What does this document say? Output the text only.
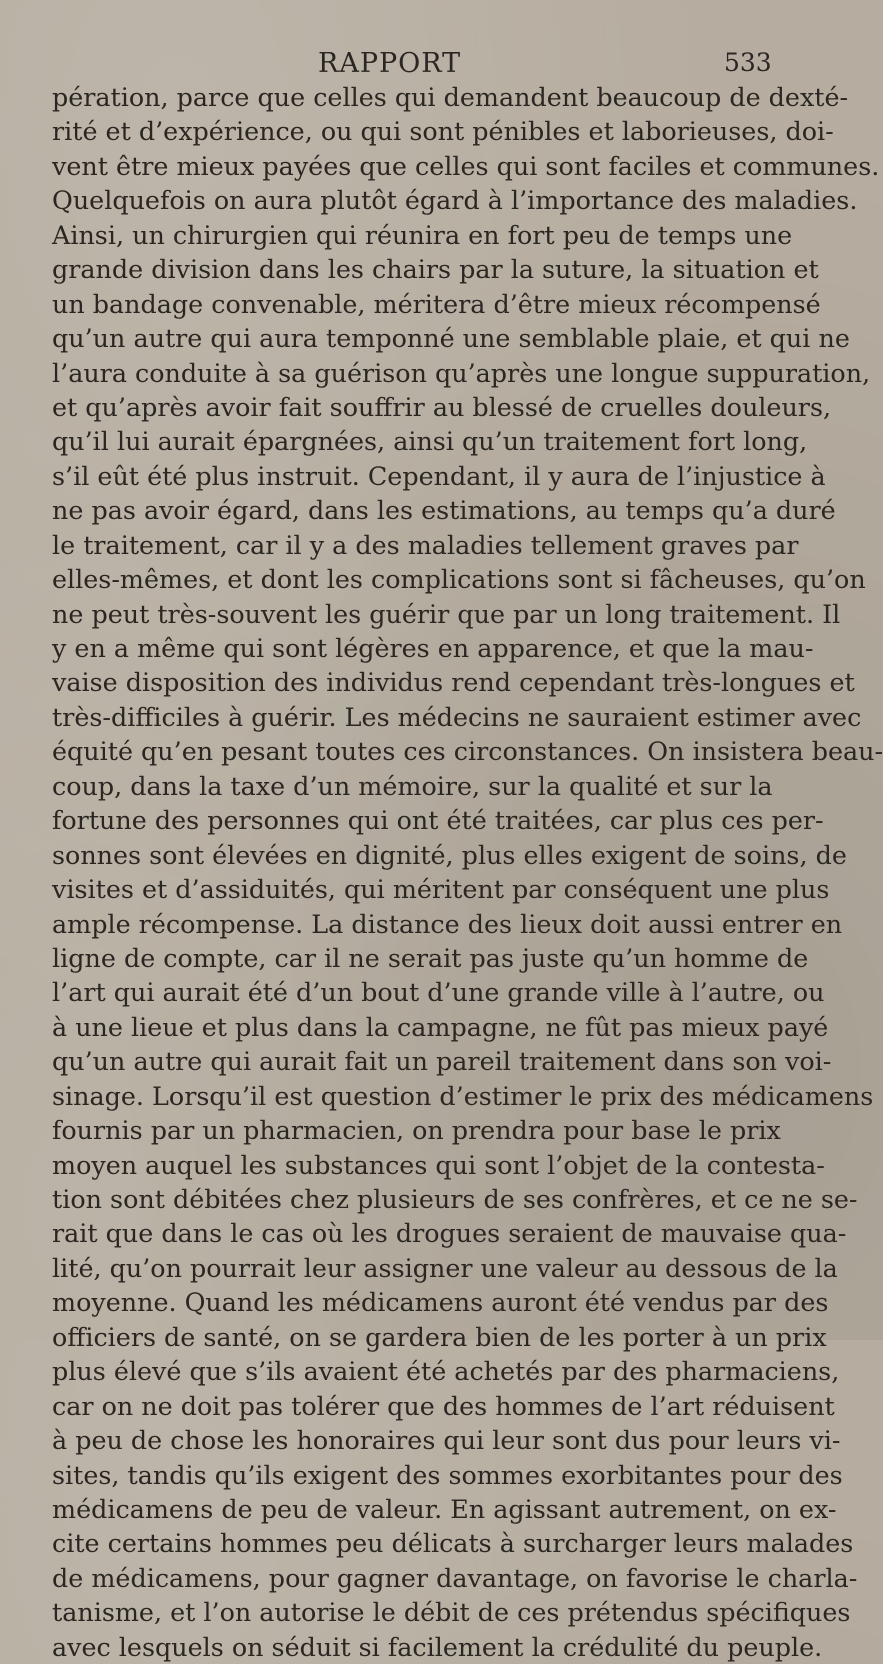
RAPPORT	533
pération, parce que celles qui demandent beaucoup de dexté-
rité et d’expérience, ou qui sont pénibles et laborieuses, doi-
vent être mieux payées que celles qui sont faciles et communes.
Quelquefois on aura plutôt égard à l’importance des maladies.
Ainsi, un chirurgien qui réunira en fort peu de temps une
grande division dans les chairs par la suture, la situation et
un bandage convenable, méritera d’être mieux récompensé
qu’un autre qui aura temponné une semblable plaie, et qui ne
l’aura conduite à sa guérison qu’après une longue suppuration,
et qu’après avoir fait souffrir au blessé de cruelles douleurs,
qu’il lui aurait épargnées, ainsi qu’un traitement fort long,
s’il eût été plus instruit. Cependant, il y aura de l’injustice à
ne pas avoir égard, dans les estimations, au temps qu’a duré
le traitement, car il y a des maladies tellement graves par
elles-mêmes, et dont les complications sont si fâcheuses, qu’on
ne peut très-souvent les guérir que par un long traitement. Il
y en a même qui sont légères en apparence, et que la mau-
vaise disposition des individus rend cependant très-longues et
très-difficiles à guérir. Les médecins ne sauraient estimer avec
équité qu’en pesant toutes ces circonstances. On insistera beau-
coup, dans la taxe d’un mémoire, sur la qualité et sur la
fortune des personnes qui ont été traitées, car plus ces per-
sonnes sont élevées en dignité, plus elles exigent de soins, de
visites et d’assiduités, qui méritent par conséquent une plus
ample récompense. La distance des lieux doit aussi entrer en
ligne de compte, car il ne serait pas juste qu’un homme de
l’art qui aurait été d’un bout d’une grande ville à l’autre, ou
à une lieue et plus dans la campagne, ne fût pas mieux payé
qu’un autre qui aurait fait un pareil traitement dans son voi-
sinage. Lorsqu’il est question d’estimer le prix des médicamens
fournis par un pharmacien, on prendra pour base le prix
moyen auquel les substances qui sont l’objet de la contesta-
tion sont débitées chez plusieurs de ses confrères, et ce ne se-
rait que dans le cas où les drogues seraient de mauvaise qua-
lité, qu’on pourrait leur assigner une valeur au dessous de la
moyenne. Quand les médicamens auront été vendus par des
officiers de santé, on se gardera bien de les porter à un prix
plus élevé que s’ils avaient été achetés par des pharmaciens,
car on ne doit pas tolérer que des hommes de l’art réduisent
à peu de chose les honoraires qui leur sont dus pour leurs vi-
sites, tandis qu’ils exigent des sommes exorbitantes pour des
médicamens de peu de valeur. En agissant autrement, on ex-
cite certains hommes peu délicats à surcharger leurs malades
de médicamens, pour gagner davantage, on favorise le charla-
tanisme, et l’on autorise le débit de ces prétendus spécifiques
avec lesquels on séduit si facilement la crédulité du peuple.
